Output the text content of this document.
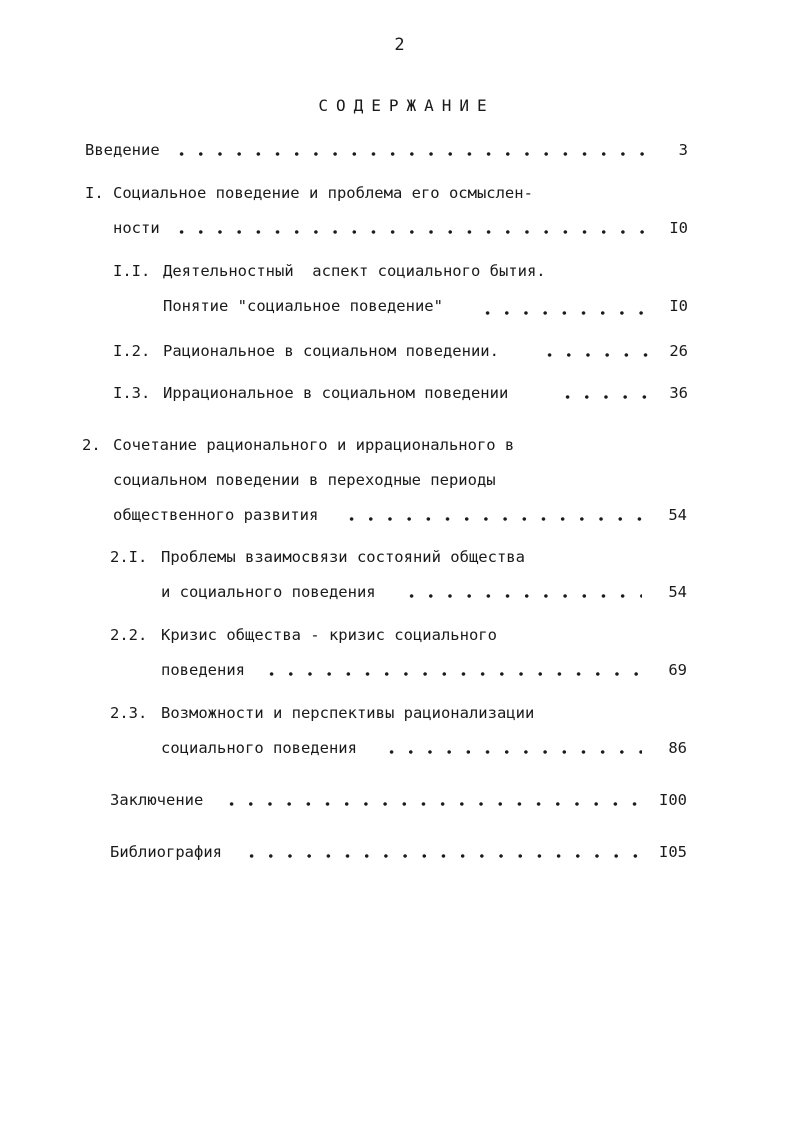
2
СОДЕРЖАНИЕ
Введение	3
I. Социальное поведение и проблема его осмыслен-
ности	I0
I.I. Деятельностный  аспект социального бытия.
Понятие "социальное поведение"	I0
I.2. Рациональное в социальном поведении.	26
I.3. Иррациональное в социальном поведении	36
2. Сочетание рационального и иррационального в
социальном поведении в переходные периоды
общественного развития	54
2.I. Проблемы взаимосвязи состояний общества
и социального поведения	54
2.2. Кризис общества - кризис социального
поведения	69
2.3. Возможности и перспективы рационализации
социального поведения	86
Заключение	I00
Библиография	I05
